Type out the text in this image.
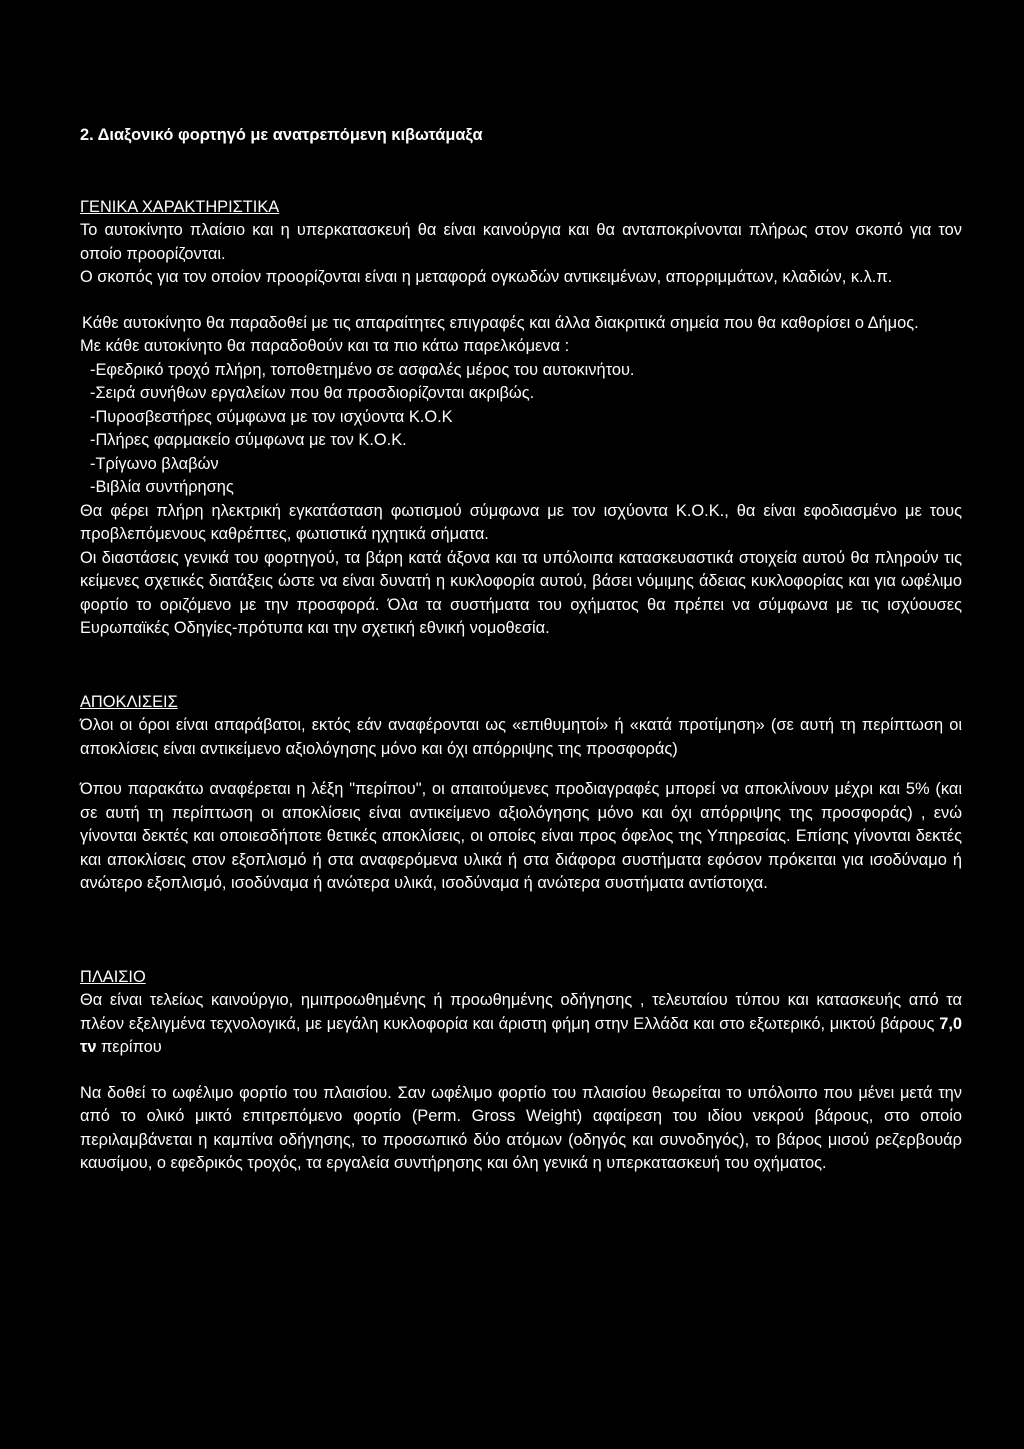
2. Διαξονικό φορτηγό με ανατρεπόμενη κιβωτάμαξα

ΓΕΝΙΚΑ ΧΑΡΑΚΤΗΡΙΣΤΙΚΑ

Το αυτοκίνητο πλαίσιο και η υπερκατασκευή θα είναι καινούργια και θα ανταποκρίνονται πλήρως στον σκοπό για τον οποίο προορίζονται.

Ο σκοπός για τον οποίον προορίζονται είναι η μεταφορά ογκωδών αντικειμένων, απορριμμάτων, κλαδιών, κ.λ.π.

Κάθε αυτοκίνητο θα παραδοθεί με τις απαραίτητες επιγραφές και άλλα διακριτικά σημεία που θα καθορίσει ο Δήμος.

Με κάθε αυτοκίνητο θα παραδοθούν και τα πιο κάτω παρελκόμενα :

-Εφεδρικό τροχό πλήρη, τοποθετημένο σε ασφαλές μέρος του αυτοκινήτου.
-Σειρά συνήθων εργαλείων που θα προσδιορίζονται ακριβώς.
-Πυροσβεστήρες σύμφωνα με τον ισχύοντα Κ.Ο.Κ
-Πλήρες φαρμακείο σύμφωνα με τον Κ.Ο.Κ.
-Τρίγωνο βλαβών
-Βιβλία συντήρησης

Θα φέρει πλήρη ηλεκτρική εγκατάσταση φωτισμού σύμφωνα με τον ισχύοντα Κ.Ο.Κ., θα είναι εφοδιασμένο με τους προβλεπόμενους καθρέπτες, φωτιστικά ηχητικά σήματα.

Οι διαστάσεις γενικά του φορτηγού, τα βάρη κατά άξονα και τα υπόλοιπα κατασκευαστικά στοιχεία αυτού θα πληρούν τις κείμενες σχετικές διατάξεις ώστε να είναι δυνατή η κυκλοφορία αυτού, βάσει νόμιμης άδειας κυκλοφορίας και για ωφέλιμο φορτίο το οριζόμενο με την προσφορά. Όλα τα συστήματα του οχήματος θα πρέπει να σύμφωνα με τις ισχύουσες Ευρωπαϊκές Οδηγίες-πρότυπα και την σχετική εθνική νομοθεσία.

ΑΠΟΚΛΙΣΕΙΣ

Όλοι οι όροι είναι απαράβατοι, εκτός εάν αναφέρονται ως «επιθυμητοί» ή «κατά προτίμηση» (σε αυτή τη περίπτωση οι αποκλίσεις είναι αντικείμενο αξιολόγησης μόνο και όχι απόρριψης της προσφοράς)

Όπου παρακάτω αναφέρεται η λέξη "περίπου", οι απαιτούμενες προδιαγραφές μπορεί να αποκλίνουν μέχρι και 5% (και σε αυτή τη περίπτωση οι αποκλίσεις είναι αντικείμενο αξιολόγησης μόνο και όχι απόρριψης της προσφοράς) , ενώ γίνονται δεκτές και οποιεσδήποτε θετικές αποκλίσεις, οι οποίες είναι προς όφελος της Υπηρεσίας. Επίσης γίνονται δεκτές και αποκλίσεις στον εξοπλισμό ή στα αναφερόμενα υλικά ή στα διάφορα συστήματα εφόσον πρόκειται για ισοδύναμο ή ανώτερο εξοπλισμό, ισοδύναμα ή ανώτερα υλικά, ισοδύναμα ή ανώτερα συστήματα αντίστοιχα.

ΠΛΑΙΣΙΟ

Θα είναι τελείως καινούργιο, ημιπροωθημένης ή προωθημένης οδήγησης , τελευταίου τύπου και κατασκευής από τα πλέον εξελιγμένα τεχνολογικά, με μεγάλη κυκλοφορία και άριστη φήμη στην Ελλάδα και στο εξωτερικό, μικτού βάρους 7,0 τν περίπου

Να δοθεί το ωφέλιμο φορτίο του πλαισίου. Σαν ωφέλιμο φορτίο του πλαισίου θεωρείται το υπόλοιπο που μένει μετά την από το ολικό μικτό επιτρεπόμενο φορτίο (Perm. Gross Weight) αφαίρεση του ιδίου νεκρού βάρους, στο οποίο περιλαμβάνεται η καμπίνα οδήγησης, το προσωπικό δύο ατόμων (οδηγός και συνοδηγός), το βάρος μισού ρεζερβουάρ καυσίμου, ο εφεδρικός τροχός, τα εργαλεία συντήρησης και όλη γενικά η υπερκατασκευή του οχήματος.
